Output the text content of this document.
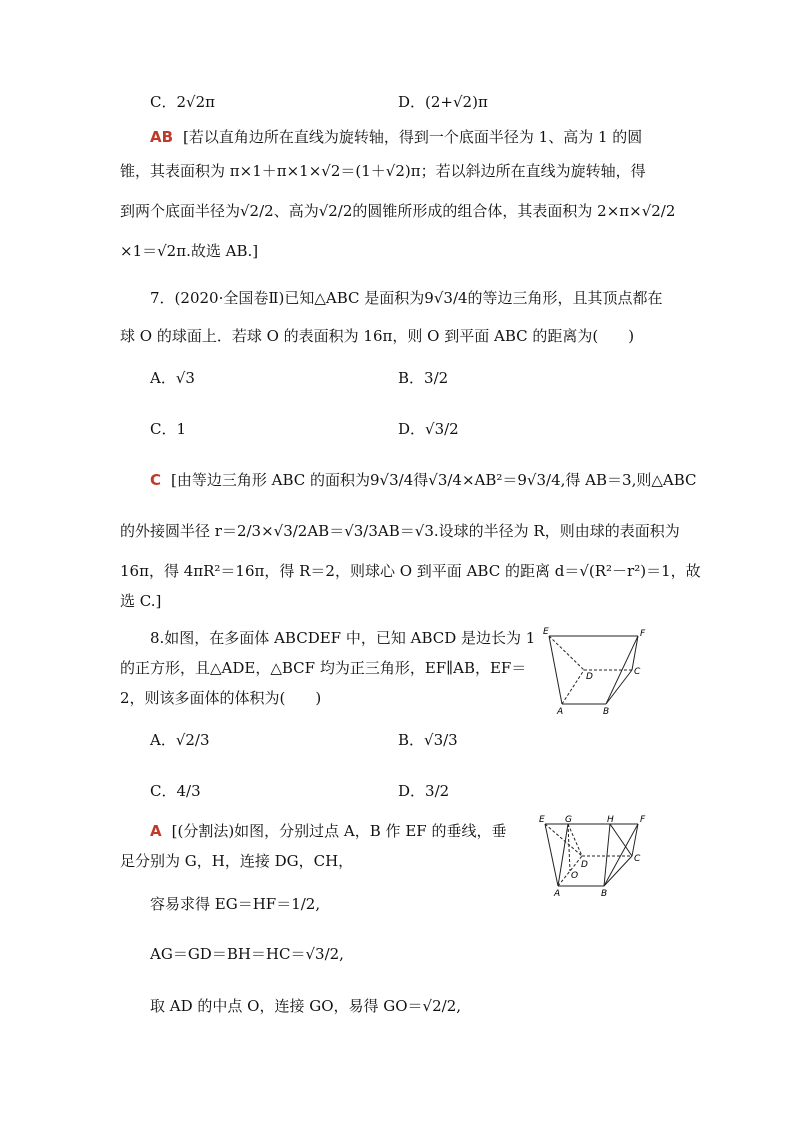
C．2√2π	D．(2+√2)π
AB [若以直角边所在直线为旋转轴，得到一个底面半径为 1、高为 1 的圆
锥，其表面积为 π×1＋π×1×√2＝(1＋√2)π；若以斜边所在直线为旋转轴，得
到两个底面半径为√2/2、高为√2/2的圆锥所形成的组合体，其表面积为 2×π×√2/2
×1＝√2π.故选 AB.]
7．(2020·全国卷Ⅱ)已知△ABC 是面积为9√3/4的等边三角形，且其顶点都在
球 O 的球面上．若球 O 的表面积为 16π，则 O 到平面 ABC 的距离为(　　)
A．√3	B．3/2
C．1	D．√3/2
C [由等边三角形 ABC 的面积为9√3/4得√3/4×AB²＝9√3/4,得 AB＝3,则△ABC
的外接圆半径 r＝2/3×√3/2AB＝√3/3AB＝√3.设球的半径为 R，则由球的表面积为
16π，得 4πR²＝16π，得 R＝2，则球心 O 到平面 ABC 的距离 d＝√(R²－r²)＝1，故
选 C.]
8.如图，在多面体 ABCDEF 中，已知 ABCD 是边长为 1
的正方形，且△ADE，△BCF 均为正三角形，EF∥AB，EF＝
2，则该多面体的体积为(　　)
E	F
C
D
A	B
A．√2/3	B．√3/3
C．4/3	D．3/2
A [(分割法)如图，分别过点 A，B 作 EF 的垂线，垂
足分别为 G，H，连接 DG，CH，
容易求得 EG＝HF＝1/2,
AG＝GD＝BH＝HC＝√3/2,
取 AD 的中点 O，连接 GO，易得 GO＝√2/2,
E G	H	F
C
D
O
A	B
